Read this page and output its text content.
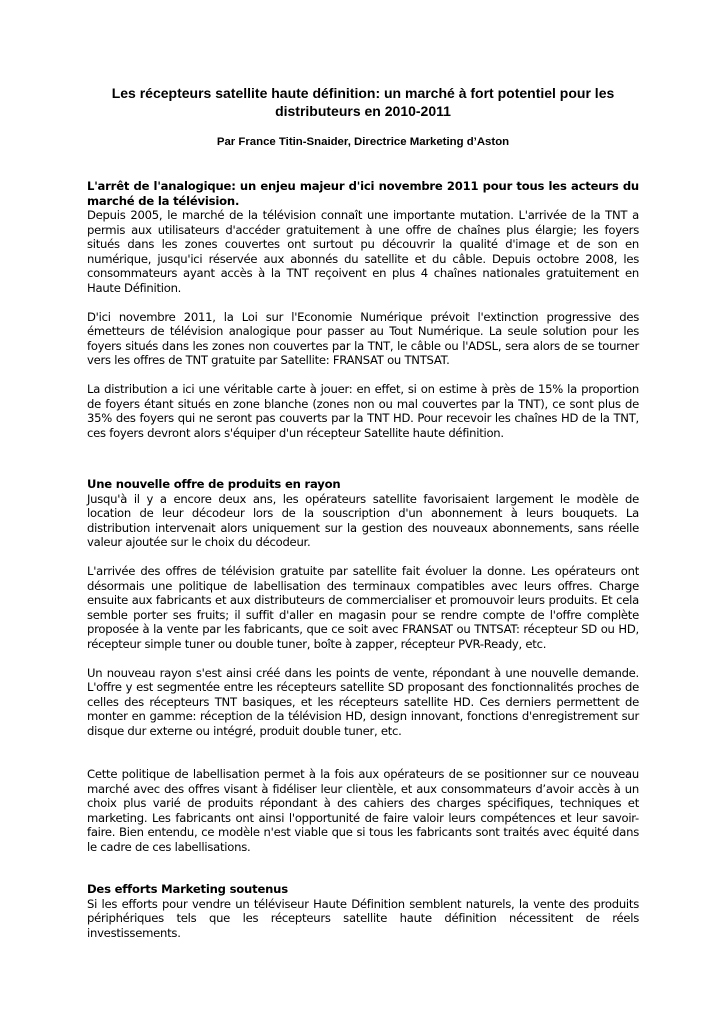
Les récepteurs satellite haute définition: un marché à fort potentiel pour les distributeurs en 2010-2011
Par France Titin-Snaider, Directrice Marketing d’Aston
L'arrêt de l'analogique: un enjeu majeur d'ici novembre 2011 pour tous les acteurs du marché de la télévision.

Depuis 2005, le marché de la télévision connaît une importante mutation. L'arrivée de la TNT a permis aux utilisateurs d'accéder gratuitement à une offre de chaînes plus élargie; les foyers situés dans les zones couvertes ont surtout pu découvrir la qualité d'image et de son en numérique, jusqu'ici réservée aux abonnés du satellite et du câble. Depuis octobre 2008, les consommateurs ayant accès à la TNT reçoivent en plus 4 chaînes nationales gratuitement en Haute Définition.

D'ici novembre 2011, la Loi sur l'Economie Numérique prévoit l'extinction progressive des émetteurs de télévision analogique pour passer au Tout Numérique. La seule solution pour les foyers situés dans les zones non couvertes par la TNT, le câble ou l'ADSL, sera alors de se tourner vers les offres de TNT gratuite par Satellite: FRANSAT ou TNTSAT.

La distribution a ici une véritable carte à jouer: en effet, si on estime à près de 15% la proportion de foyers étant situés en zone blanche (zones non ou mal couvertes par la TNT), ce sont plus de 35% des foyers qui ne seront pas couverts par la TNT HD. Pour recevoir les chaînes HD de la TNT, ces foyers devront alors s'équiper d'un récepteur Satellite haute définition.

Une nouvelle offre de produits en rayon

Jusqu'à il y a encore deux ans, les opérateurs satellite favorisaient largement le modèle de location de leur décodeur lors de la souscription d'un abonnement à leurs bouquets. La distribution intervenait alors uniquement sur la gestion des nouveaux abonnements, sans réelle valeur ajoutée sur le choix du décodeur.

L'arrivée des offres de télévision gratuite par satellite fait évoluer la donne. Les opérateurs ont désormais une politique de labellisation des terminaux compatibles avec leurs offres. Charge ensuite aux fabricants et aux distributeurs de commercialiser et promouvoir leurs produits. Et cela semble porter ses fruits; il suffit d'aller en magasin pour se rendre compte de l'offre complète proposée à la vente par les fabricants, que ce soit avec FRANSAT ou TNTSAT: récepteur SD ou HD, récepteur simple tuner ou double tuner, boîte à zapper, récepteur PVR-Ready, etc.

Un nouveau rayon s'est ainsi créé dans les points de vente, répondant à une nouvelle demande. L'offre y est segmentée entre les récepteurs satellite SD proposant des fonctionnalités proches de celles des récepteurs TNT basiques, et les récepteurs satellite HD. Ces derniers permettent de monter en gamme: réception de la télévision HD, design innovant, fonctions d'enregistrement sur disque dur externe ou intégré, produit double tuner, etc.

Cette politique de labellisation permet à la fois aux opérateurs de se positionner sur ce nouveau marché avec des offres visant à fidéliser leur clientèle, et aux consommateurs d’avoir accès à un choix plus varié de produits répondant à des cahiers des charges spécifiques, techniques et marketing. Les fabricants ont ainsi l'opportunité de faire valoir leurs compétences et leur savoir-faire. Bien entendu, ce modèle n'est viable que si tous les fabricants sont traités avec équité dans le cadre de ces labellisations.

Des efforts Marketing soutenus

Si les efforts pour vendre un téléviseur Haute Définition semblent naturels, la vente des produits périphériques tels que les récepteurs satellite haute définition nécessitent de réels investissements.
